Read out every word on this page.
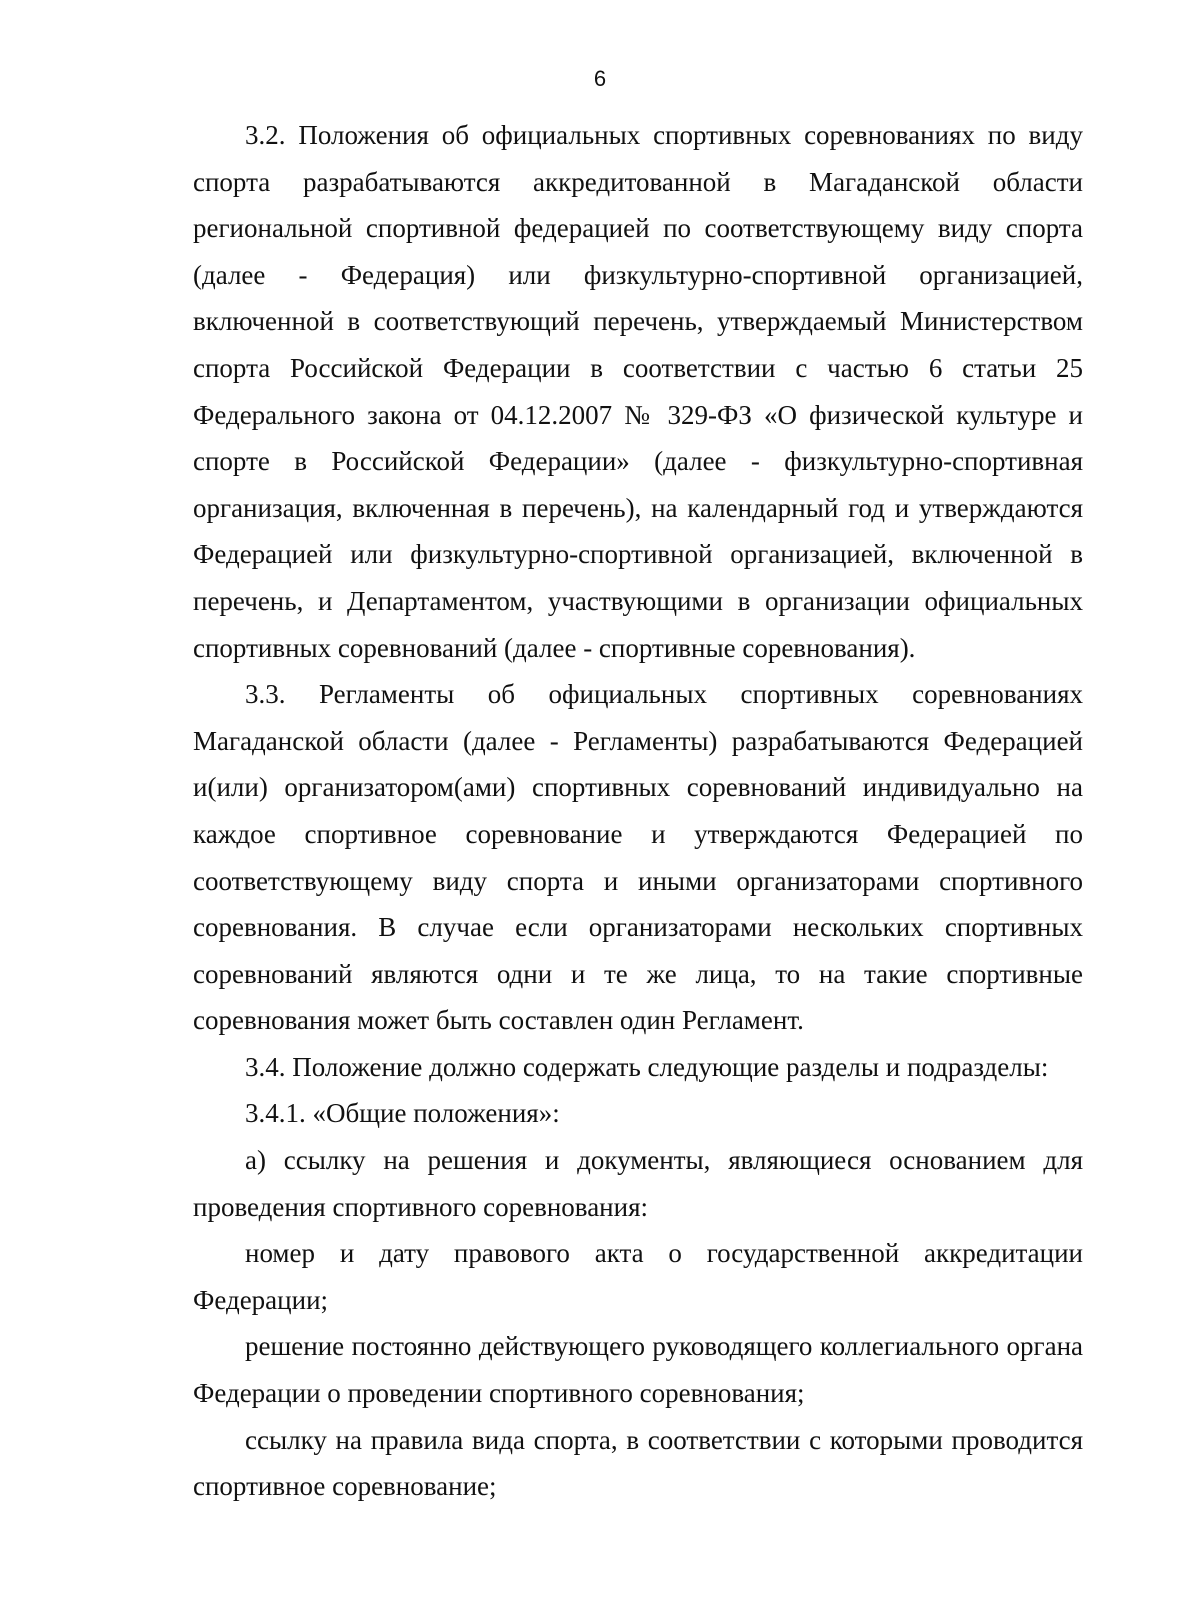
6

3.2. Положения об официальных спортивных соревнованиях по виду спорта разрабатываются аккредитованной в Магаданской области региональной спортивной федерацией по соответствующему виду спорта (далее - Федерация) или физкультурно-спортивной организацией, включенной в соответствующий перечень, утверждаемый Министерством спорта Российской Федерации в соответствии с частью 6 статьи 25 Федерального закона от 04.12.2007 № 329-ФЗ «О физической культуре и спорте в Российской Федерации» (далее - физкультурно-спортивная организация, включенная в перечень), на календарный год и утверждаются Федерацией или физкультурно-спортивной организацией, включенной в перечень, и Департаментом, участвующими в организации официальных спортивных соревнований (далее - спортивные соревнования).

3.3. Регламенты об официальных спортивных соревнованиях Магаданской области (далее - Регламенты) разрабатываются Федерацией и(или) организатором(ами) спортивных соревнований индивидуально на каждое спортивное соревнование и утверждаются Федерацией по соответствующему виду спорта и иными организаторами спортивного соревнования. В случае если организаторами нескольких спортивных соревнований являются одни и те же лица, то на такие спортивные соревнования может быть составлен один Регламент.

3.4. Положение должно содержать следующие разделы и подразделы:

3.4.1. «Общие положения»:

а) ссылку на решения и документы, являющиеся основанием для проведения спортивного соревнования:

номер и дату правового акта о государственной аккредитации Федерации;

решение постоянно действующего руководящего коллегиального органа Федерации о проведении спортивного соревнования;

ссылку на правила вида спорта, в соответствии с которыми проводится спортивное соревнование;
